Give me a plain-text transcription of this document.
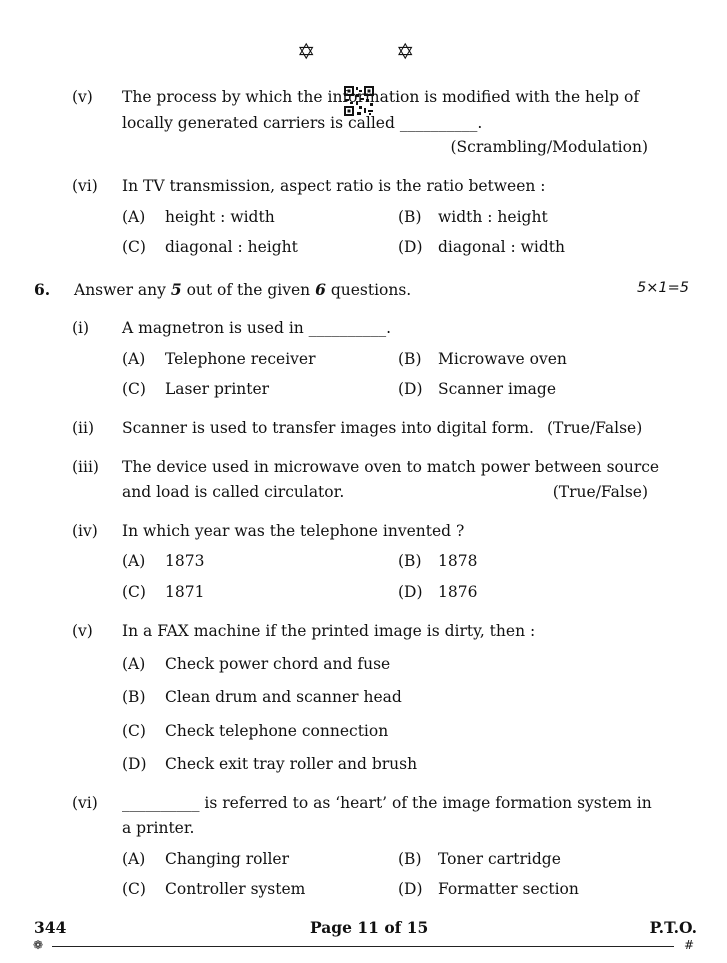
✡	✡
(v) The process by which the information is modified with the help of
locally generated carriers is called __________.
(Scrambling/Modulation)
(vi) In TV transmission, aspect ratio is the ratio between :
(A) height : width	(B) width : height
(C) diagonal : height	(D) diagonal : width
6. Answer any 5 out of the given 6 questions.	5×1=5
(i) A magnetron is used in __________.
(A) Telephone receiver	(B) Microwave oven
(C) Laser printer	(D) Scanner image
(ii) Scanner is used to transfer images into digital form. (True/False)
(iii) The device used in microwave oven to match power between source
and load is called circulator.	(True/False)
(iv) In which year was the telephone invented ?
(A) 1873	(B) 1878
(C) 1871	(D) 1876
(v) In a FAX machine if the printed image is dirty, then :
(A) Check power chord and fuse
(B) Clean drum and scanner head
(C) Check telephone connection
(D) Check exit tray roller and brush
(vi) __________ is referred to as ‘heart’ of the image formation system in
a printer.
(A) Changing roller	(B) Toner cartridge
(C) Controller system	(D) Formatter section
344	Page 11 of 15	P.T.O.
❁	#
